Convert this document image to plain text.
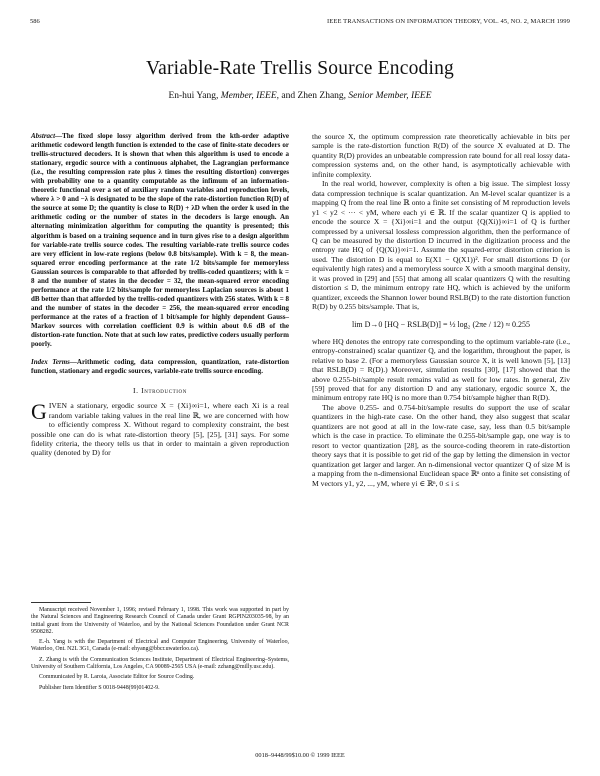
586	IEEE TRANSACTIONS ON INFORMATION THEORY, VOL. 45, NO. 2, MARCH 1999
Variable-Rate Trellis Source Encoding
En-hui Yang, Member, IEEE, and Zhen Zhang, Senior Member, IEEE
Abstract—The fixed slope lossy algorithm derived from the kth-order adaptive arithmetic codeword length function is extended to the case of finite-state decoders or trellis-structured decoders. It is shown that when this algorithm is used to encode a stationary, ergodic source with a continuous alphabet, the Lagrangian performance (i.e., the resulting compression rate plus λ times the resulting distortion) converges with probability one to a quantity computable as the infimum of an information-theoretic functional over a set of auxiliary random variables and reproduction levels, where λ > 0 and −λ is designated to be the slope of the rate-distortion function R(D) of the source at some D; the quantity is close to R(D) + λD when the order k used in the arithmetic coding or the number of states in the decoders is large enough. An alternating minimization algorithm for computing the quantity is presented; this algorithm is based on a training sequence and in turn gives rise to a design algorithm for variable-rate trellis source codes. The resulting variable-rate trellis source codes are very efficient in low-rate regions (below 0.8 bits/sample). With k = 8, the mean-squared error encoding performance at the rate 1/2 bits/sample for memoryless Gaussian sources is comparable to that afforded by trellis-coded quantizers; with k = 8 and the number of states in the decoder = 32, the mean-squared error encoding performance at the rate 1/2 bits/sample for memoryless Laplacian sources is about 1 dB better than that afforded by the trellis-coded quantizers with 256 states. With k = 8 and the number of states in the decoder = 256, the mean-squared error encoding performance at the rates of a fraction of 1 bit/sample for highly dependent Gauss–Markov sources with correlation coefficient 0.9 is within about 0.6 dB of the distortion-rate function. Note that at such low rates, predictive coders usually perform poorly.
Index Terms—Arithmetic coding, data compression, quantization, rate-distortion function, stationary and ergodic sources, variable-rate trellis source encoding.
I. Introduction
GIVEN a stationary, ergodic source X = {Xi}∞i=1, where each Xi is a real random variable taking values in the real line ℝ, we are concerned with how to efficiently compress X. Without regard to complexity constraint, the best possible one can do is what rate-distortion theory [5], [25], [31] says. For some fidelity criteria, the theory tells us that in order to maintain a given reproduction quality (denoted by D) for

Manuscript received November 1, 1996; revised February 1, 1998. This work was supported in part by the Natural Sciences and Engineering Research Council of Canada under Grant RGPIN203035-98, by an initial grant from the University of Waterloo, and by the National Sciences Foundation under Grant NCR 9508282.

E.-h. Yang is with the Department of Electrical and Computer Engineering, University of Waterloo, Waterloo, Ont. N2L 3G1, Canada (e-mail: ehyang@bbcr.uwaterloo.ca).

Z. Zhang is with the Communication Sciences Institute, Department of Electrical Engineering–Systems, University of Southern California, Los Angeles, CA 90089-2565 USA (e-mail: zzhang@milly.usc.edu).

Communicated by R. Laroia, Associate Editor for Source Coding.

Publisher Item Identifier S 0018-9448(99)01402-9.

the source X, the optimum compression rate theoretically achievable in bits per sample is the rate-distortion function R(D) of the source X evaluated at D. The quantity R(D) provides an unbeatable compression rate bound for all real lossy data-compression systems and, on the other hand, is asymptotically achievable with infinite complexity.

In the real world, however, complexity is often a big issue. The simplest lossy data compression technique is scalar quantization. An M-level scalar quantizer is a mapping Q from the real line ℝ onto a finite set consisting of M reproduction levels y1 < y2 < ··· < yM, where each yi ∈ ℝ. If the scalar quantizer Q is applied to encode the source X = {Xi}∞i=1 and the output {Q(Xi)}∞i=1 of Q is further compressed by a universal lossless compression algorithm, then the performance of Q can be measured by the distortion D incurred in the digitization process and the entropy rate HQ of {Q(Xi)}∞i=1. Assume the squared-error distortion criterion is used. The distortion D is equal to E(X1 − Q(X1))². For small distortions D (or equivalently high rates) and a memoryless source X with a smooth marginal density, it was proved in [29] and [55] that among all scalar quantizers Q with the resulting distortion ≤ D, the minimum entropy rate HQ, which is achieved by the uniform quantizer, exceeds the Shannon lower bound RSLB(D) to the rate distortion function R(D) by 0.255 bits/sample. That is,

lim D→0 [HQ − RSLB(D)] = ½ log₂ (2πe / 12) ≈ 0.255

where HQ denotes the entropy rate corresponding to the optimum variable-rate (i.e., entropy-constrained) scalar quantizer Q, and the logarithm, throughout the paper, is relative to base 2. (For a memoryless Gaussian source X, it is well known [5], [13] that RSLB(D) = R(D).) Moreover, simulation results [30], [17] showed that the above 0.255-bit/sample result remains valid as well for low rates. In general, Ziv [59] proved that for any distortion D and any stationary, ergodic source X, the minimum entropy rate HQ is no more than 0.754 bit/sample higher than R(D).

The above 0.255- and 0.754-bit/sample results do support the use of scalar quantizers in the high-rate case. On the other hand, they also suggest that scalar quantizers are not good at all in the low-rate case, say, less than 0.5 bit/sample which is the case in practice. To eliminate the 0.255-bit/sample gap, one way is to resort to vector quantization [28], as the source-coding theorem in rate-distortion theory says that it is possible to get rid of the gap by letting the dimension in vector quantization get larger and larger. An n-dimensional vector quantizer Q of size M is a mapping from the n-dimensional Euclidean space ℝⁿ onto a finite set consisting of M vectors y1, y2, ..., yM, where yi ∈ ℝⁿ, 0 ≤ i ≤

0018–9448/99$10.00 © 1999 IEEE
